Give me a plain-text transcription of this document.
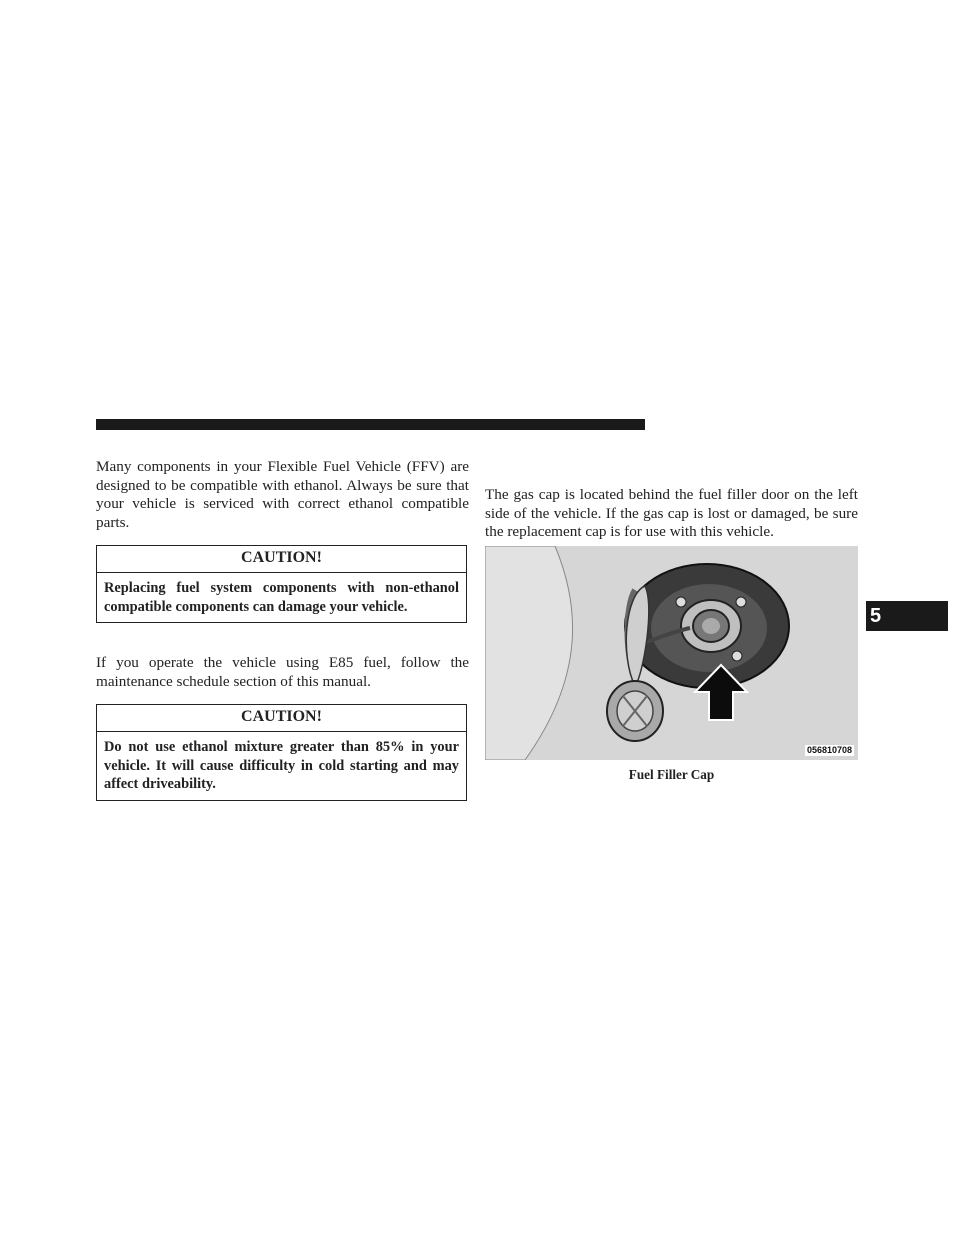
Many components in your Flexible Fuel Vehicle (FFV) are designed to be compatible with ethanol. Always be sure that your vehicle is serviced with correct ethanol compatible parts.

CAUTION!
Replacing fuel system components with non-ethanol compatible components can damage your vehicle.

If you operate the vehicle using E85 fuel, follow the maintenance schedule section of this manual.

CAUTION!
Do not use ethanol mixture greater than 85% in your vehicle. It will cause difficulty in cold starting and may affect driveability.

The gas cap is located behind the fuel filler door on the left side of the vehicle. If the gas cap is lost or damaged, be sure the replacement cap is for use with this vehicle.

056810708
Fuel Filler Cap
5
